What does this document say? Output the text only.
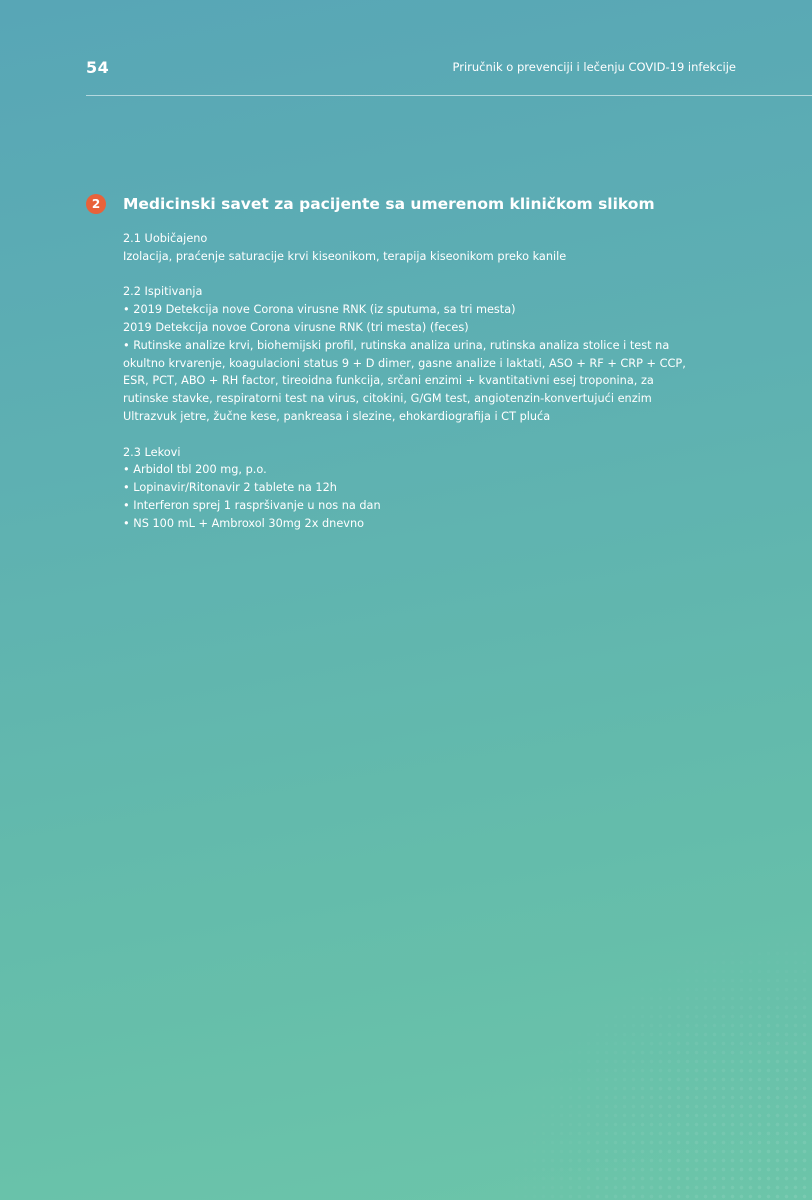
54	Priručnik o prevenciji i lečenju COVID-19 infekcije
2	Medicinski savet za pacijente sa umerenom kliničkom slikom
2.1 Uobičajeno
Izolacija, praćenje saturacije krvi kiseonikom, terapija kiseonikom preko kanile
2.2 Ispitivanja
• 2019 Detekcija nove Corona virusne RNK (iz sputuma, sa tri mesta)
2019 Detekcija novoe Corona virusne RNK (tri mesta) (feces)
• Rutinske analize krvi, biohemijski profil, rutinska analiza urina, rutinska analiza stolice i test na
okultno krvarenje, koagulacioni status 9 + D dimer, gasne analize i laktati, ASO + RF + CRP + CCP,
ESR, PCT, ABO + RH factor, tireoidna funkcija, srčani enzimi + kvantitativni esej troponina, za
rutinske stavke, respiratorni test na virus, citokini, G/GM test, angiotenzin-konvertujući enzim
Ultrazvuk jetre, žučne kese, pankreasa i slezine, ehokardiografija i CT pluća
2.3 Lekovi
• Arbidol tbl 200 mg, p.o.
• Lopinavir/Ritonavir 2 tablete na 12h
• Interferon sprej 1 raspršivanje u nos na dan
• NS 100 mL + Ambroxol 30mg 2x dnevno
